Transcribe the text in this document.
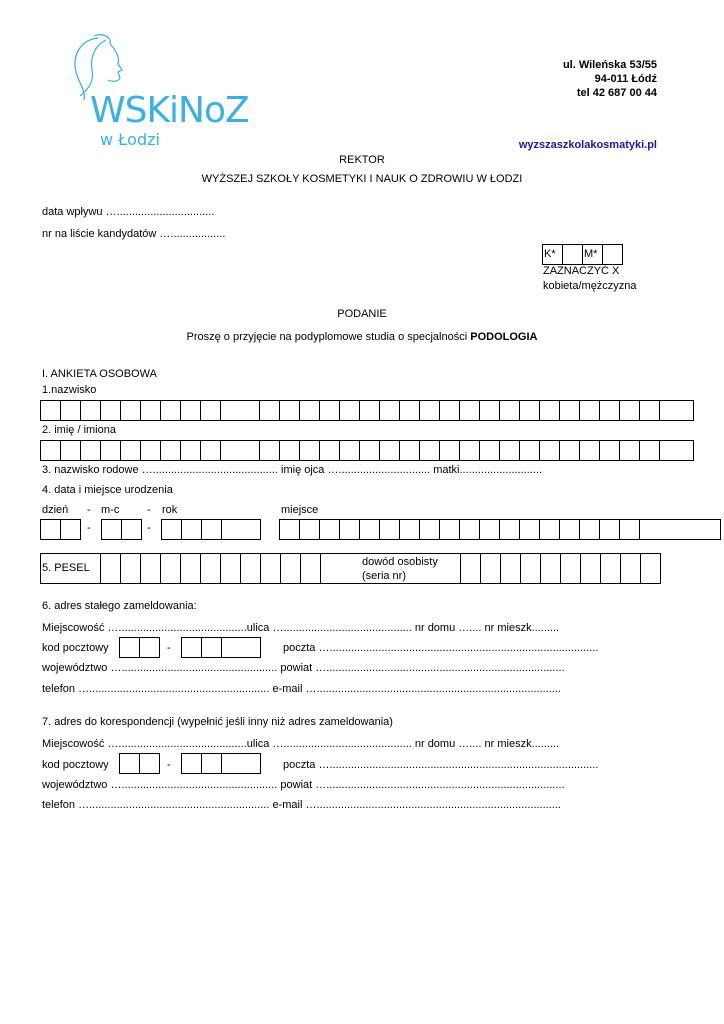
WSKiNoZ
w Łodzi
ul. Wileńska 53/55
94-011 Łódź
tel 42 687 00 44
wyzszaszkolakosmatyki.pl
REKTOR
WYŻSZEJ SZKOŁY KOSMETYKI I NAUK O ZDROWIU W ŁODZI
data wpływu …................................
nr na liście kandydatów …..................
K*	M*
ZAZNACZYĆ X
kobieta/mężczyzna
PODANIE
Proszę o przyjęcie na podyplomowe studia o specjalności PODOLOGIA
I. ANKIETA OSOBOWA
1.nazwisko
2. imię / imiona
3. nazwisko rodowe …......................................... imię ojca ….............................. matki...........................
4. data i miejsce urodzenia
dzień - m-c	- rok	miejsce
-	-
5. PESEL	dowód osobisty
(seria nr)
6. adres stałego zameldowania:
Miejscowość …..........................................ulica ….......................................... nr domu ….... nr mieszk.........
kod pocztowy	-	poczta …........................................................................................
województwo …................................................... powiat …..............................................................................
telefon …........................................................... e-mail …................................................................................
7. adres do korespondencji (wypełnić jeśli inny niż adres zameldowania)
Miejscowość …..........................................ulica ….......................................... nr domu ….... nr mieszk.........
kod pocztowy	-	poczta …........................................................................................
województwo …................................................... powiat …..............................................................................
telefon …........................................................... e-mail …................................................................................
